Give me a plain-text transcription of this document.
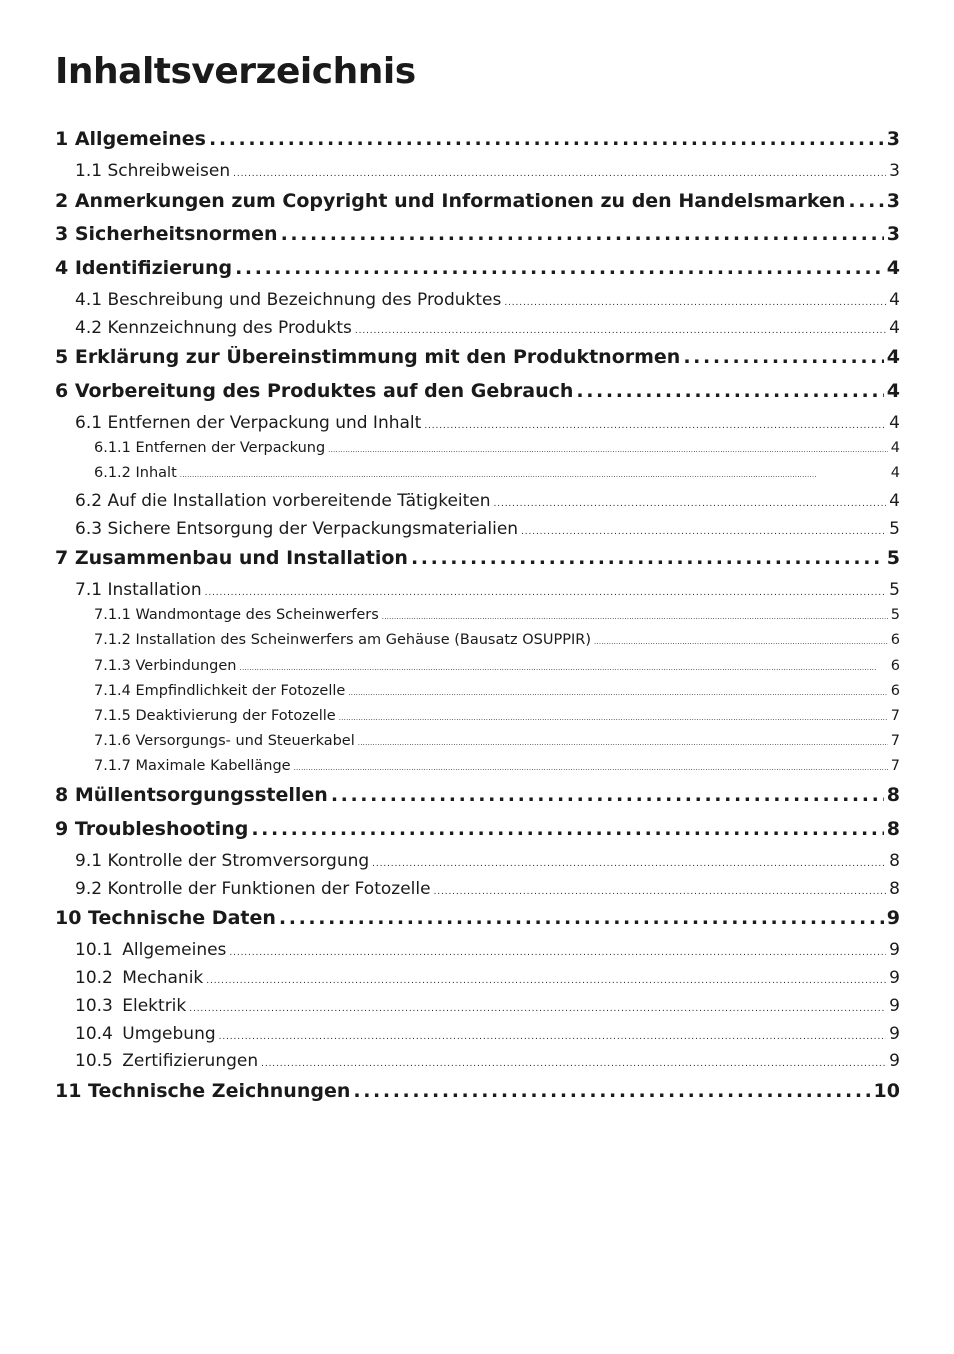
Inhaltsverzeichnis
1 Allgemeines . . .	3
1.1 Schreibweisen . . .	3
2 Anmerkungen zum Copyright und Informationen zu den Handelsmarken . . . 3
3 Sicherheitsnormen . . .	3
4 Identifizierung . . .	4
4.1 Beschreibung und Bezeichnung des Produktes . . .	4
4.2 Kennzeichnung des Produkts . . .	4
5 Erklärung zur Übereinstimmung mit den Produktnormen . . .	4
6 Vorbereitung des Produktes auf den Gebrauch . . .	4
6.1 Entfernen der Verpackung und Inhalt . . .	4
6.1.1 Entfernen der Verpackung . . .	4
6.1.2 Inhalt . . .	4
6.2 Auf die Installation vorbereitende Tätigkeiten . . .	4
6.3 Sichere Entsorgung der Verpackungsmaterialien . . .	5
7 Zusammenbau und Installation . . .	5
7.1 Installation . . .	5
7.1.1 Wandmontage des Scheinwerfers . . .	5
7.1.2 Installation des Scheinwerfers am Gehäuse (Bausatz OSUPPIR) . . .	6
7.1.3 Verbindungen . . .	6
7.1.4 Empfindlichkeit der Fotozelle . . .	6
7.1.5 Deaktivierung der Fotozelle . . .	7
7.1.6 Versorgungs- und Steuerkabel . . .	7
7.1.7 Maximale Kabellänge . . .	7
8 Müllentsorgungsstellen . . .	8
9 Troubleshooting . . .	8
9.1 Kontrolle der Stromversorgung . . .	8
9.2 Kontrolle der Funktionen der Fotozelle . . .	8
10 Technische Daten . . .	9
10.1 Allgemeines . . .	9
10.2 Mechanik . . .	9
10.3 Elektrik . . .	9
10.4 Umgebung . . .	9
10.5 Zertifizierungen . . .	9
11 Technische Zeichnungen . . .	10
